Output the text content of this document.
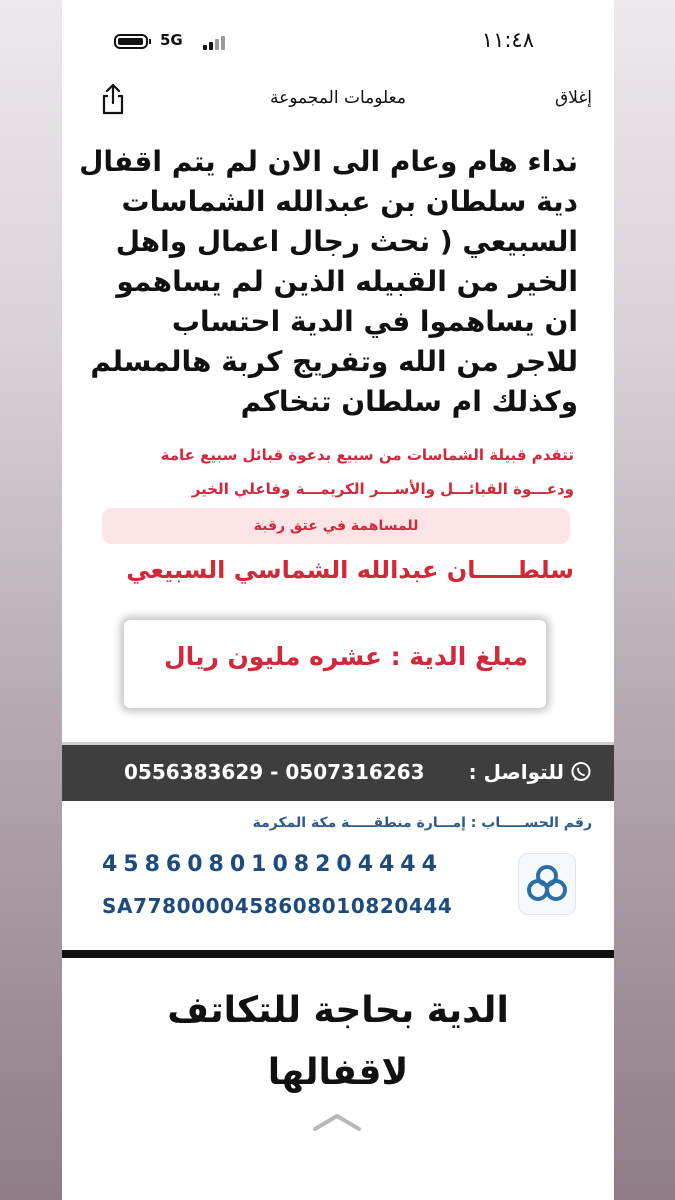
5G	١١:٤٨
معلومات المجموعة	إغلاق
نداء هام وعام الى الان لم يتم اقفال
دية سلطان بن عبدالله الشماسات
السبيعي ( نحث رجال اعمال واهل
الخير من القبيله الذين لم يساهمو
ان يساهموا في الدية احتساب
للاجر من الله وتفريج كربة هالمسلم
وكذلك ام سلطان تنخاكم
تتقدم قبيلة الشماسات من سبيع بدعوة قبائل سبيع عامة
ودعـــوة القبائـــل والأســـر الكريمـــة وفاعلي الخير
للمساهمة في عتق رقبة
سلطـــــان عبدالله الشماسي السبيعي
مبلغ الدية : عشره مليون ريال
للتواصل :
0556383629 - 0507316263
رقم الحســـــاب : إمـــارة منطقـــــة مكة المكرمة
4586080108204444
SA7780000458608010820444
الدية بحاجة للتكاتف
لاقفالها
